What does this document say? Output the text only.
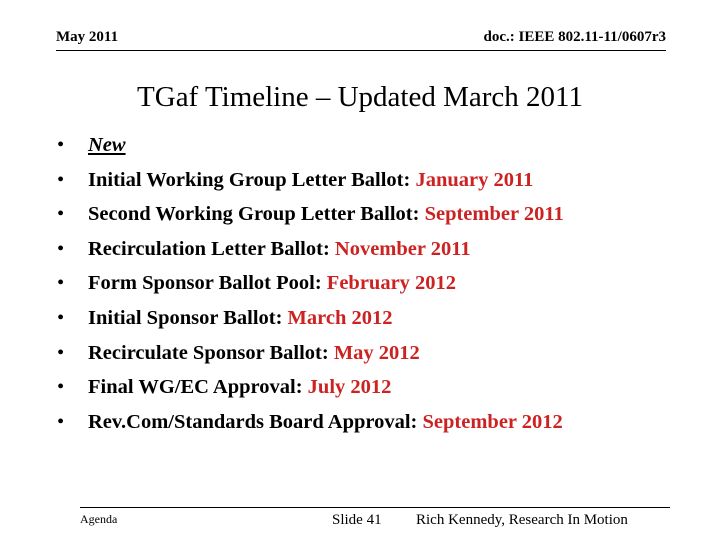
May 2011	doc.: IEEE 802.11-11/0607r3
TGaf Timeline – Updated March 2011
•	New
•	Initial Working Group Letter Ballot: January 2011
•	Second Working Group Letter Ballot: September 2011
•	Recirculation Letter Ballot: November 2011
•	Form Sponsor Ballot Pool: February 2012
•	Initial Sponsor Ballot: March 2012
•	Recirculate Sponsor Ballot: May 2012
•	Final WG/EC Approval: July 2012
•	Rev.Com/Standards Board Approval: September 2012
Agenda	Slide 41 Rich Kennedy, Research In Motion
